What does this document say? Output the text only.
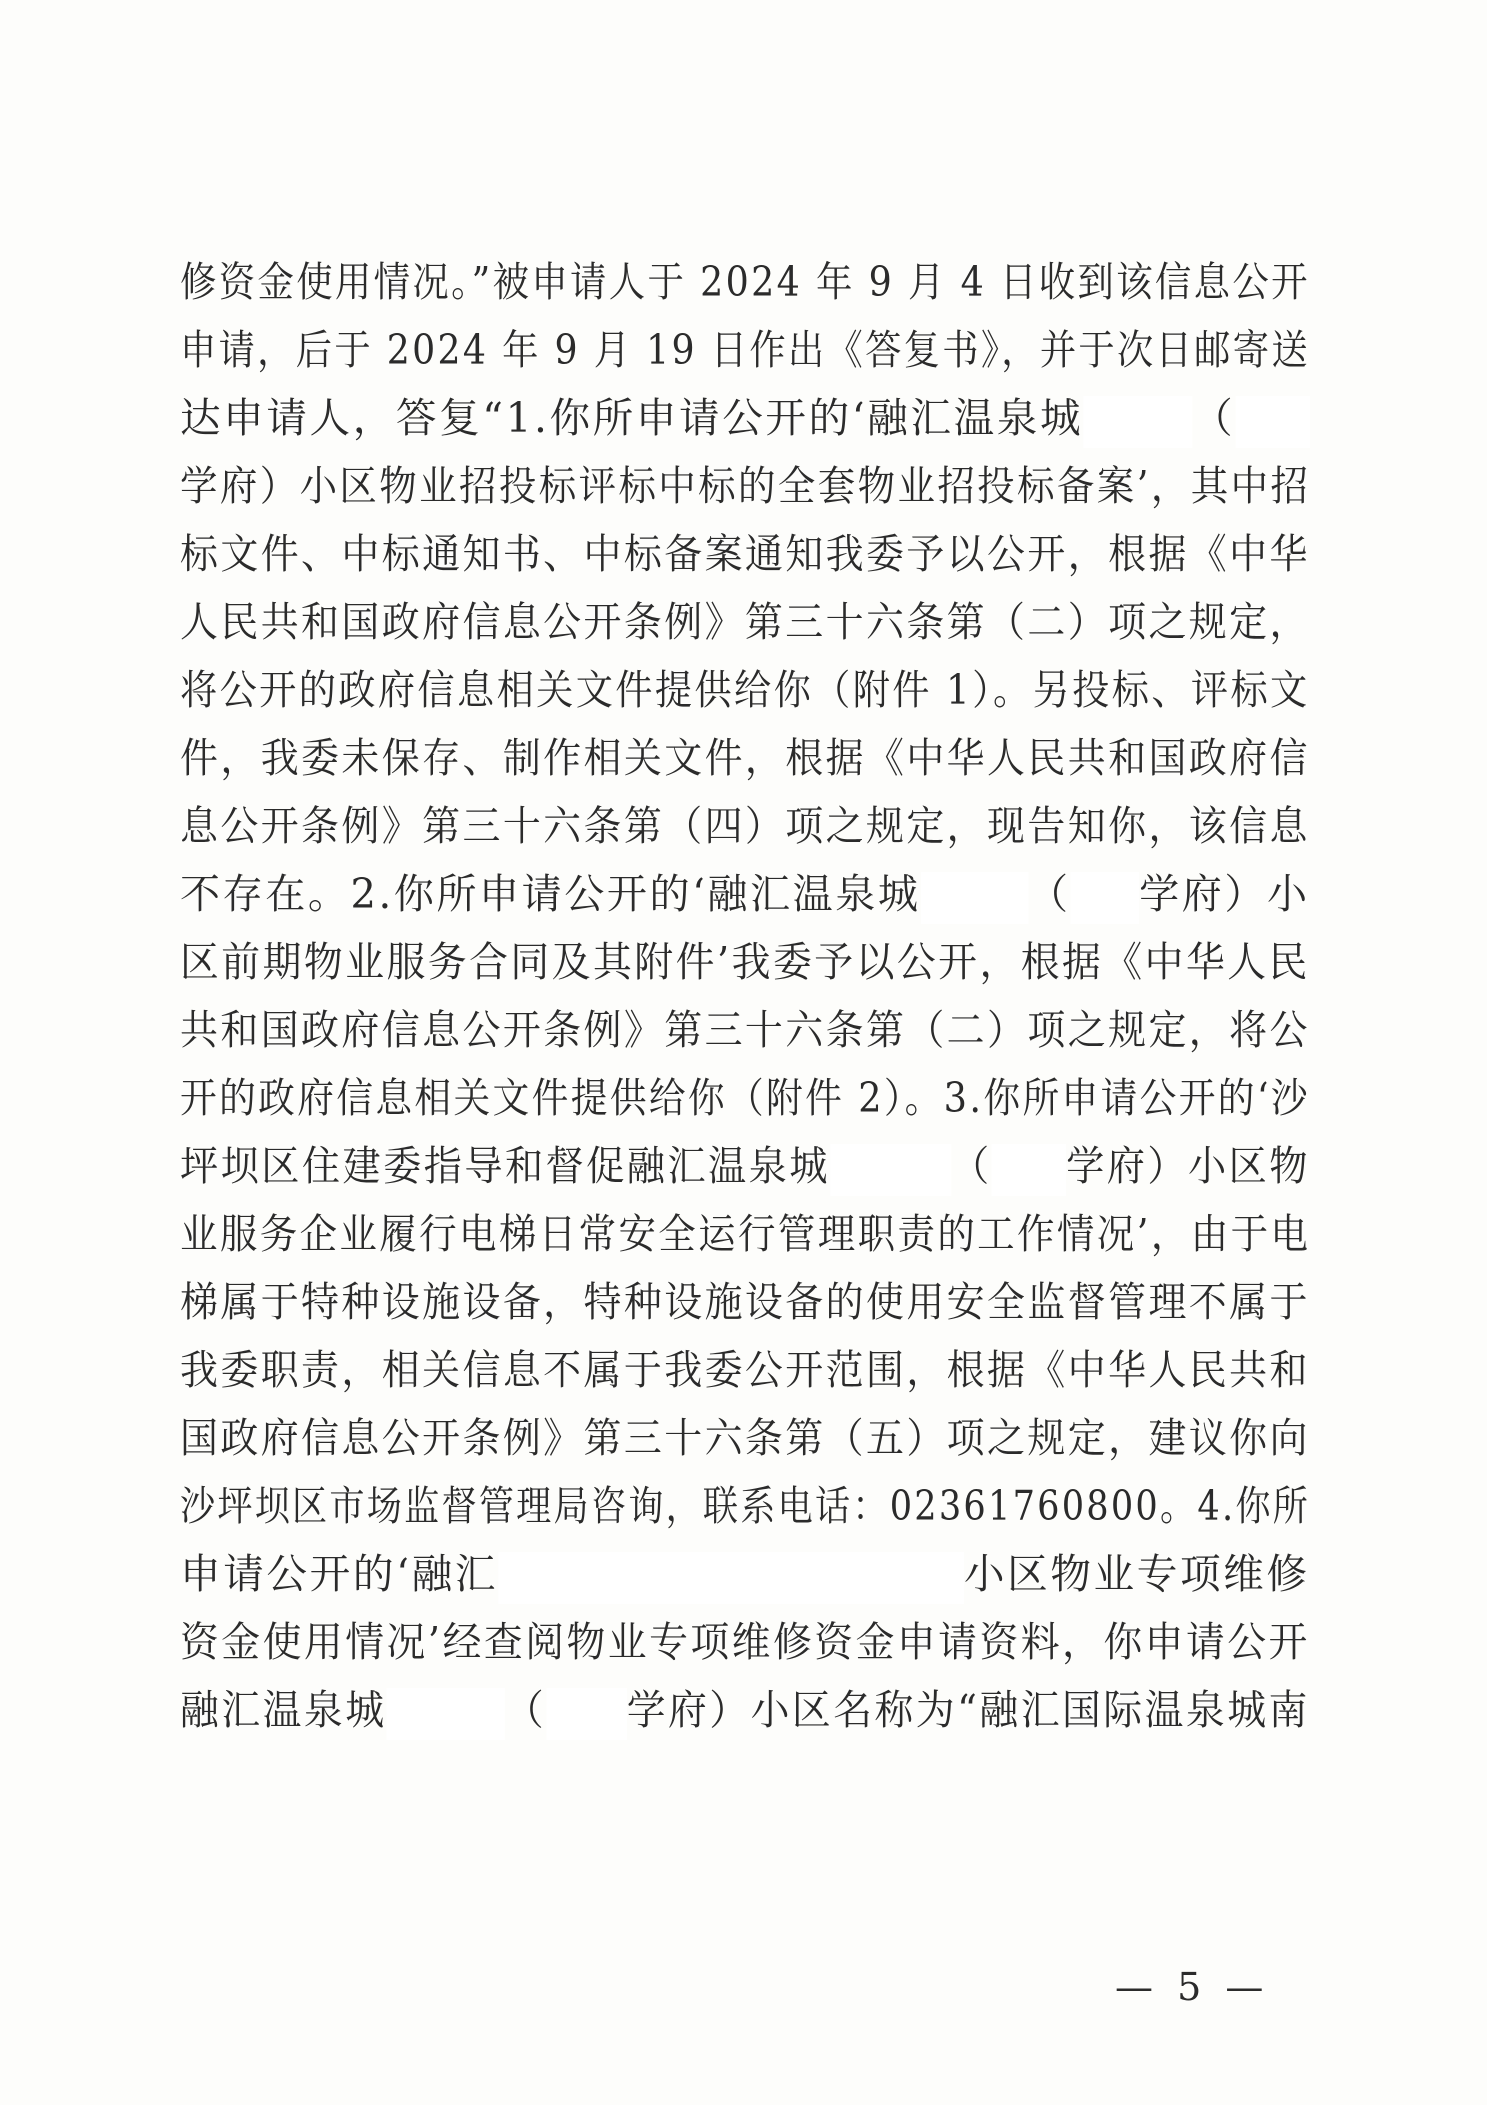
修资金使用情况。”被申请人于 2024 年 9 月 4 日收到该信息公开
申请，后于 2024 年 9 月 19 日作出《答复书》，并于次日邮寄送
达申请人，答复“1.你所申请公开的‘融汇温泉城	（
学府）小区物业招投标评标中标的全套物业招投标备案’，其中招
标文件、中标通知书、中标备案通知我委予以公开，根据《中华
人民共和国政府信息公开条例》第三十六条第（二）项之规定，
将公开的政府信息相关文件提供给你（附件 1）。另投标、评标文
件，我委未保存、制作相关文件，根据《中华人民共和国政府信
息公开条例》第三十六条第（四）项之规定，现告知你，该信息
不存在。2.你所申请公开的‘融汇温泉城	（ 学府）小
区前期物业服务合同及其附件’我委予以公开，根据《中华人民
共和国政府信息公开条例》第三十六条第（二）项之规定，将公
开的政府信息相关文件提供给你（附件 2）。3.你所申请公开的‘沙
坪坝区住建委指导和督促融汇温泉城	（ 学府）小区物
业服务企业履行电梯日常安全运行管理职责的工作情况’，由于电
梯属于特种设施设备，特种设施设备的使用安全监督管理不属于
我委职责，相关信息不属于我委公开范围，根据《中华人民共和
国政府信息公开条例》第三十六条第（五）项之规定，建议你向
沙坪坝区市场监督管理局咨询，联系电话：02361760800。4.你所
申请公开的‘融汇	小区物业专项维修
资金使用情况’经查阅物业专项维修资金申请资料，你申请公开
融汇温泉城	（ 学府）小区名称为“融汇国际温泉城南
— 5 —
